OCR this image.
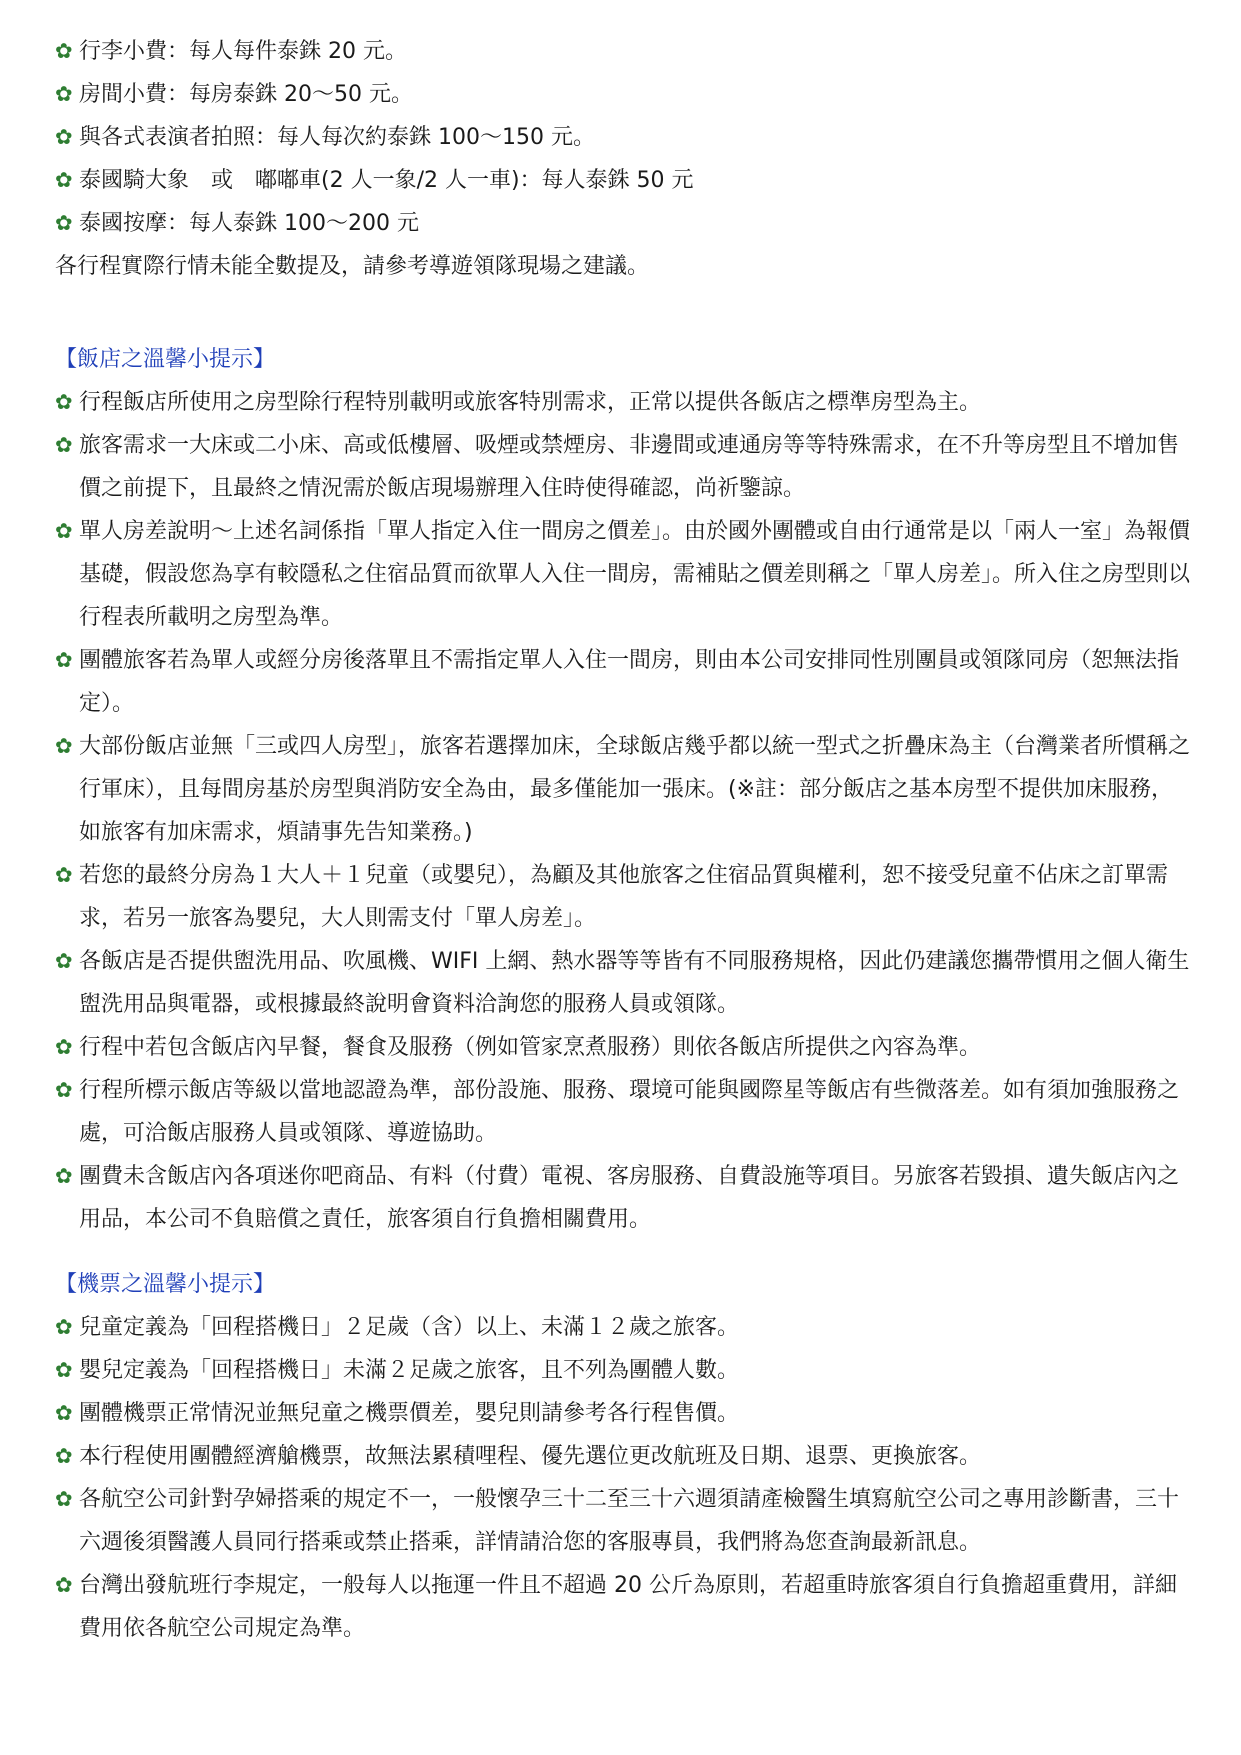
✿ 行李小費：每人每件泰銖 20 元。
✿ 房間小費：每房泰銖 20～50 元。
✿ 與各式表演者拍照：每人每次約泰銖 100～150 元。
✿ 泰國騎大象　或　嘟嘟車(2 人一象/2 人一車)：每人泰銖 50 元
✿ 泰國按摩：每人泰銖 100～200 元
各行程實際行情未能全數提及，請參考導遊領隊現場之建議。
【飯店之溫馨小提示】
✿ 行程飯店所使用之房型除行程特別載明或旅客特別需求，正常以提供各飯店之標準房型為主。
✿ 旅客需求一大床或二小床、高或低樓層、吸煙或禁煙房、非邊間或連通房等等特殊需求，在不升等房型且不增加售價之前提下，且最終之情況需於飯店現場辦理入住時使得確認，尚祈鑒諒。
✿ 單人房差說明～上述名詞係指「單人指定入住一間房之價差」。由於國外團體或自由行通常是以「兩人一室」為報價基礎，假設您為享有較隱私之住宿品質而欲單人入住一間房，需補貼之價差則稱之「單人房差」。所入住之房型則以行程表所載明之房型為準。
✿ 團體旅客若為單人或經分房後落單且不需指定單人入住一間房，則由本公司安排同性別團員或領隊同房（恕無法指定）。
✿ 大部份飯店並無「三或四人房型」，旅客若選擇加床，全球飯店幾乎都以統一型式之折疊床為主（台灣業者所慣稱之行軍床），且每間房基於房型與消防安全為由，最多僅能加一張床。(※註：部分飯店之基本房型不提供加床服務，如旅客有加床需求，煩請事先告知業務。)
✿ 若您的最終分房為１大人＋１兒童（或嬰兒），為顧及其他旅客之住宿品質與權利，恕不接受兒童不佔床之訂單需求，若另一旅客為嬰兒，大人則需支付「單人房差」。
✿ 各飯店是否提供盥洗用品、吹風機、WIFI 上網、熱水器等等皆有不同服務規格，因此仍建議您攜帶慣用之個人衛生盥洗用品與電器，或根據最終說明會資料洽詢您的服務人員或領隊。
✿ 行程中若包含飯店內早餐，餐食及服務（例如管家烹煮服務）則依各飯店所提供之內容為準。
✿ 行程所標示飯店等級以當地認證為準，部份設施、服務、環境可能與國際星等飯店有些微落差。如有須加強服務之處，可洽飯店服務人員或領隊、導遊協助。
✿ 團費未含飯店內各項迷你吧商品、有料（付費）電視、客房服務、自費設施等項目。另旅客若毀損、遺失飯店內之用品，本公司不負賠償之責任，旅客須自行負擔相關費用。
【機票之溫馨小提示】
✿ 兒童定義為「回程搭機日」２足歲（含）以上、未滿１２歲之旅客。
✿ 嬰兒定義為「回程搭機日」未滿２足歲之旅客，且不列為團體人數。
✿ 團體機票正常情況並無兒童之機票價差，嬰兒則請參考各行程售價。
✿ 本行程使用團體經濟艙機票，故無法累積哩程、優先選位更改航班及日期、退票、更換旅客。
✿ 各航空公司針對孕婦搭乘的規定不一，一般懷孕三十二至三十六週須請產檢醫生填寫航空公司之專用診斷書，三十六週後須醫護人員同行搭乘或禁止搭乘，詳情請洽您的客服專員，我們將為您查詢最新訊息。
✿ 台灣出發航班行李規定，一般每人以拖運一件且不超過 20 公斤為原則，若超重時旅客須自行負擔超重費用，詳細費用依各航空公司規定為準。
